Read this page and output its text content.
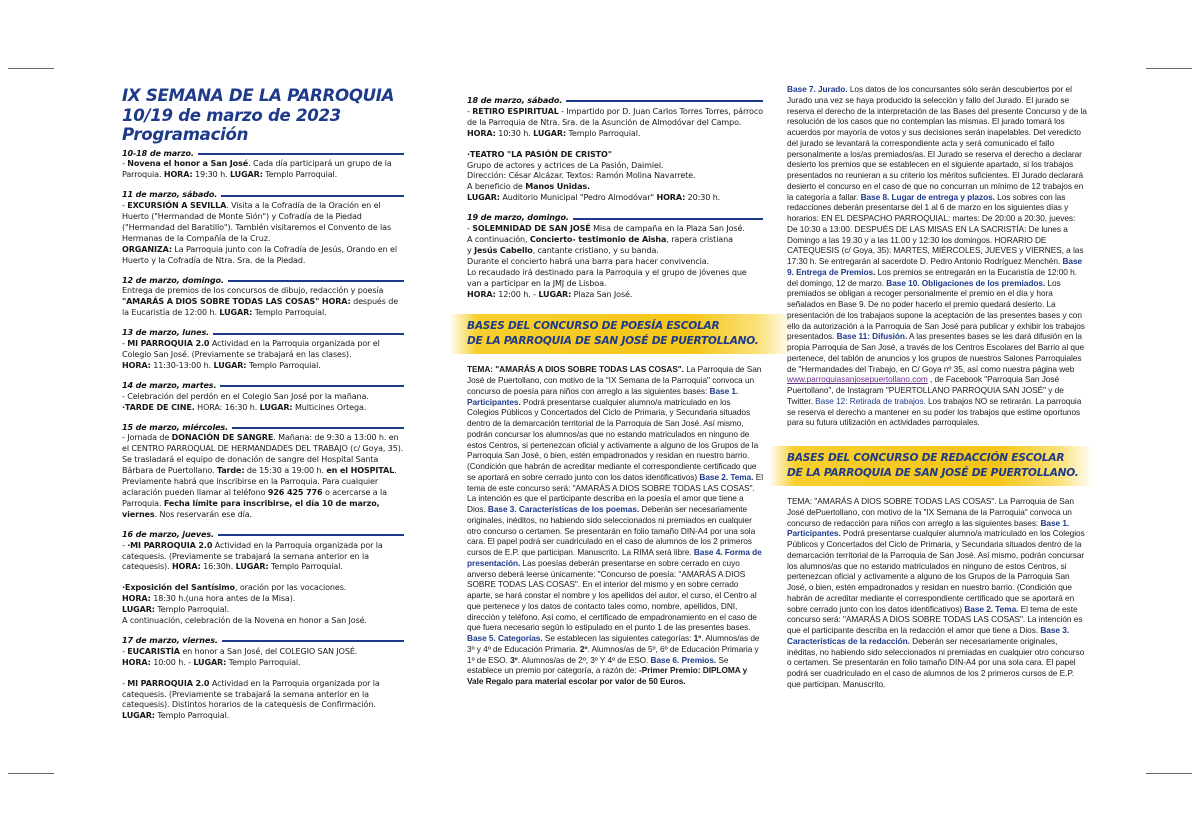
IX SEMANA DE LA PARROQUIA
10/19 de marzo de 2023
Programación
10-18 de marzo.

- Novena el honor a San José. Cada día participará un grupo de la Parroquia. HORA: 19:30 h. LUGAR: Templo Parroquial.

11 de marzo, sábado.

- EXCURSIÓN A SEVILLA. Visita a la Cofradía de la Oración en el Huerto ("Hermandad de Monte Sión") y Cofradía de la Piedad ("Hermandad del Baratillo"). También visitaremos el Convento de las Hermanas de la Compañía de la Cruz.

ORGANIZA: La Parroquia junto con la Cofradía de Jesús, Orando en el Huerto y la Cofradía de Ntra. Sra. de la Piedad.

12 de marzo, domingo.

Entrega de premios de los concursos de dibujo, redacción y poesía "AMARÁS A DIOS SOBRE TODAS LAS COSAS" HORA: después de la Eucaristía de 12:00 h. LUGAR: Templo Parroquial.

13 de marzo, lunes.

- MI PARROQUIA 2.0 Actividad en la Parroquia organizada por el Colegio San José. (Previamente se trabajará en las clases).

HORA: 11:30-13:00 h. LUGAR: Templo Parroquial.

14 de marzo, martes.

- Celebración del perdón en el Colegio San José por la mañana.

·TARDE DE CINE. HORA: 16:30 h. LUGAR: Multicines Ortega.

15 de marzo, miércoles.

- Jornada de DONACIÓN DE SANGRE. Mañana: de 9:30 a 13:00 h. en el CENTRO PARROQUAL DE HERMANDADES DEL TRABAJO (c/ Goya, 35). Se trasladará el equipo de donación de sangre del Hospital Santa Bárbara de Puertollano. Tarde: de 15:30 a 19:00 h. en el HOSPITAL. Previamente habrá que inscribirse en la Parroquia. Para cualquier aclaración pueden llamar al teléfono 926 425 776 o acercarse a la Parroquia. Fecha límite para inscribirse, el día 10 de marzo, viernes. Nos reservarán ese día.

16 de marzo, jueves.

- ·MI PARROQUIA 2.0 Actividad en la Parroquia organizada por la catequesis. (Previamente se trabajará la semana anterior en la catequesis). HORA: 16:30h. LUGAR: Templo Parroquial.

·Exposición del Santísimo, oración por las vocaciones.

HORA: 18:30 h.(una hora antes de la Misa).

LUGAR: Templo Parroquial.

A continuación, celebración de la Novena en honor a San José.

17 de marzo, viernes.

- EUCARISTÍA en honor a San José, del COLEGIO SAN JOSÉ.

HORA: 10:00 h. - LUGAR: Templo Parroquial.

- MI PARROQUIA 2.0 Actividad en la Parroquia organizada por la catequesis. (Previamente se trabajará la semana anterior en la catequesis). Distintos horarios de la catequesis de Confirmación.

LUGAR: Templo Parroquial.

18 de marzo, sábado.

- RETIRO ESPIRITUAL - Impartido por D. Juan Carlos Torres Torres, párroco de la Parroquia de Ntra. Sra. de la Asunción de Almodóvar del Campo. HORA: 10:30 h. LUGAR: Templo Parroquial.

·TEATRO "LA PASIÓN DE CRISTO"

Grupo de actores y actrices de La Pasión, Daimiel.

Dirección: César Alcázar. Textos: Ramón Molina Navarrete.

A beneficio de Manos Unidas.

LUGAR: Auditorio Municipal "Pedro Almodóvar" HORA: 20:30 h.

19 de marzo, domingo.

- SOLEMNIDAD DE SAN JOSÉ Misa de campaña en la Plaza San José.

A continuación, Concierto- testimonio de Aisha, rapera cristiana

y Jesús Cabello, cantante cristiano, y su banda.

Durante el concierto habrá una barra para hacer convivencia.

Lo recaudado irá destinado para la Parroquia y el grupo de jóvenes que van a participar en la JMJ de Lisboa.

HORA: 12:00 h. - LUGAR: Plaza San José.

BASES DEL CONCURSO DE POESÍA ESCOLAR
DE LA PARROQUIA DE SAN JOSÉ DE PUERTOLLANO.
TEMA: "AMARÁS A DIOS SOBRE TODAS LAS COSAS". La Parroquia de San José de Puertollano, con motivo de la "IX Semana de la Parroquia" convoca un concurso de poesía para niños con arreglo a las siguientes bases: Base 1. Participantes. Podrá presentarse cualquier alumno/a matriculado en los Colegios Públicos y Concertados del Ciclo de Primaria, y Secundaria situados dentro de la demarcación territorial de la Parroquia de San José. Así mismo, podrán concursar los alumnos/as que no estando matriculados en ninguno de estos Centros, si pertenezcan oficial y activamente a alguno de los Grupos de la Parroquia San José, o bien, estén empadronados y residan en nuestro barrio. (Condición que habrán de acreditar mediante el correspondiente certificado que se aportará en sobre cerrado junto con los datos identificativos) Base 2. Tema. El tema de este concurso será: "AMARÁS A DIOS SOBRE TODAS LAS COSAS". La intención es que el participante describa en la poesía el amor que tiene a Dios. Base 3. Características de los poemas. Deberán ser necesariamente originales, inéditos, no habiendo sido seleccionados ni premiados en cualquier otro concurso o certamen. Se presentarán en folio tamaño DIN-A4 por una sola cara. El papel podrá ser cuadriculado en el caso de alumnos de los 2 primeros cursos de E.P. que participan. Manuscrito. La RIMA será libre. Base 4. Forma de presentación. Las poesías deberán presentarse en sobre cerrado en cuyo anverso deberá leerse únicamente: "Concurso de poesía: "AMARÁS A DIOS SOBRE TODAS LAS COSAS". En el interior del mismo y en sobre cerrado aparte, se hará constar el nombre y los apellidos del autor, el curso, el Centro al que pertenece y los datos de contacto tales como, nombre, apellidos, DNI, dirección y teléfono. Así como, el certificado de empadronamiento en el caso de que fuera necesario según lo estipulado en el punto 1 de las presentes bases. Base 5. Categorías. Se establecen las siguientes categorías: 1º. Alumnos/as de 3º y 4º de Educación Primaria. 2º. Alumnos/as de 5º, 6º de Educación Primaria y 1º de ESO. 3º. Alumnos/as de 2º, 3º Y 4º de ESO. Base 6. Premios. Se establece un premio por categoría, a razón de: -Primer Premio: DIPLOMA y Vale Regalo para material escolar por valor de 50 Euros.
Base 7. Jurado. Los datos de los concursantes sólo serán descubiertos por el Jurado una vez se haya producido la selección y fallo del Jurado. El jurado se reserva el derecho de la interpretación de las Bases del presente Concurso y de la resolución de los casos que no contemplan las mismas. El jurado tomará los acuerdos por mayoría de votos y sus decisiones serán inapelables. Del veredicto del jurado se levantará la correspondiente acta y será comunicado el fallo personalmente a los/as premiados/as. El Jurado se reserva el derecho a declarar desierto los premios que se establecen en el siguiente apartado, si los trabajos presentados no reunieran a su criterio los méritos suficientes. El Jurado declarará desierto el concurso en el caso de que no concurran un mínimo de 12 trabajos en la categoría a fallar. Base 8. Lugar de entrega y plazos. Los sobres con las redacciones deberán presentarse del 1 al 6 de marzo en los siguientes días y horarios: EN EL DESPACHO PARROQUIAL: martes: De 20:00 a 20:30, jueves: De 10:30 a 13:00. DESPUÉS DE LAS MISAS EN LA SACRISTÍA: De lunes a Domingo a las 19.30 y a las 11.00 y 12:30 los domingos. HORARIO DE CATEQUESIS (c/ Goya, 35): MARTES, MIÉRCOLES, JUEVES y VIERNES, a las 17:30 h. Se entregarán al sacerdote D. Pedro Antonio Rodríguez Menchén. Base 9. Entrega de Premios. Los premios se entregarán en la Eucaristía de 12:00 h. del domingo, 12 de marzo. Base 10. Obligaciones de los premiados. Los premiados se obligan a recoger personalmente el premio en el día y hora señalados en Base 9. De no poder hacerlo el premio quedará desierto. La presentación de los trabajaos supone la aceptación de las presentes bases y con ello da autorización a la Parroquia de San José para publicar y exhibir los trabajos presentados. Base 11: Difusión. A las presentes bases se les dará difusión en la propia Parroquia de San José, a través de los Centros Escolares del Barrio al que pertenece, del tablón de anuncios y los grupos de nuestros Salones Parroquiales de "Hermandades del Trabajo, en C/ Goya nº 35, así como nuestra página web www.parroquiasanjosepuertollano.com , de Facebook "Parroquia San José Puertollano", de Instagram "PUERTOLLANO PARROQUIA SAN JOSÉ" y de Twitter. Base 12: Retirada de trabajos. Los trabajos NO se retirarán. La parroquia se reserva el derecho a mantener en su poder los trabajos que estime oportunos para su futura utilización en actividades parroquiales.
BASES DEL CONCURSO DE REDACCIÓN ESCOLAR
DE LA PARROQUIA DE SAN JOSÉ DE PUERTOLLANO.
TEMA: "AMARÁS A DIOS SOBRE TODAS LAS COSAS". La Parroquia de San José dePuertollano, con motivo de la "IX Semana de la Parroquia" convoca un concurso de redacción para niños con arreglo a las siguientes bases: Base 1. Participantes. Podrá presentarse cualquier alumno/a matriculado en los Colegios Públicos y Concertados del Ciclo de Primaria, y Secundaria situados dentro de la demarcación territorial de la Parroquia de San José. Así mismo, podrán concursar los alumnos/as que no estando matriculados en ninguno de estos Centros, si pertenezcan oficial y activamente a alguno de los Grupos de la Parroquia San José, o bien, estén empadronados y residan en nuestro barrio. (Condición que habrán de acreditar mediante el correspondiente certificado que se aportará en sobre cerrado junto con los datos identificativos) Base 2. Tema. El tema de este concurso será: "AMARÁS A DIOS SOBRE TODAS LAS COSAS". La intención es que el participante describa en la redacción el amor que tiene a Dios. Base 3. Características de la redacción. Deberán ser necesariamente originales, inéditas, no habiendo sido seleccionados ni premiadas en cualquier otro concurso o certamen. Se presentarán en folio tamaño DIN-A4 por una sola cara. El papel podrá ser cuadriculado en el caso de alumnos de los 2 primeros cursos de E.P. que participan. Manuscrito.
